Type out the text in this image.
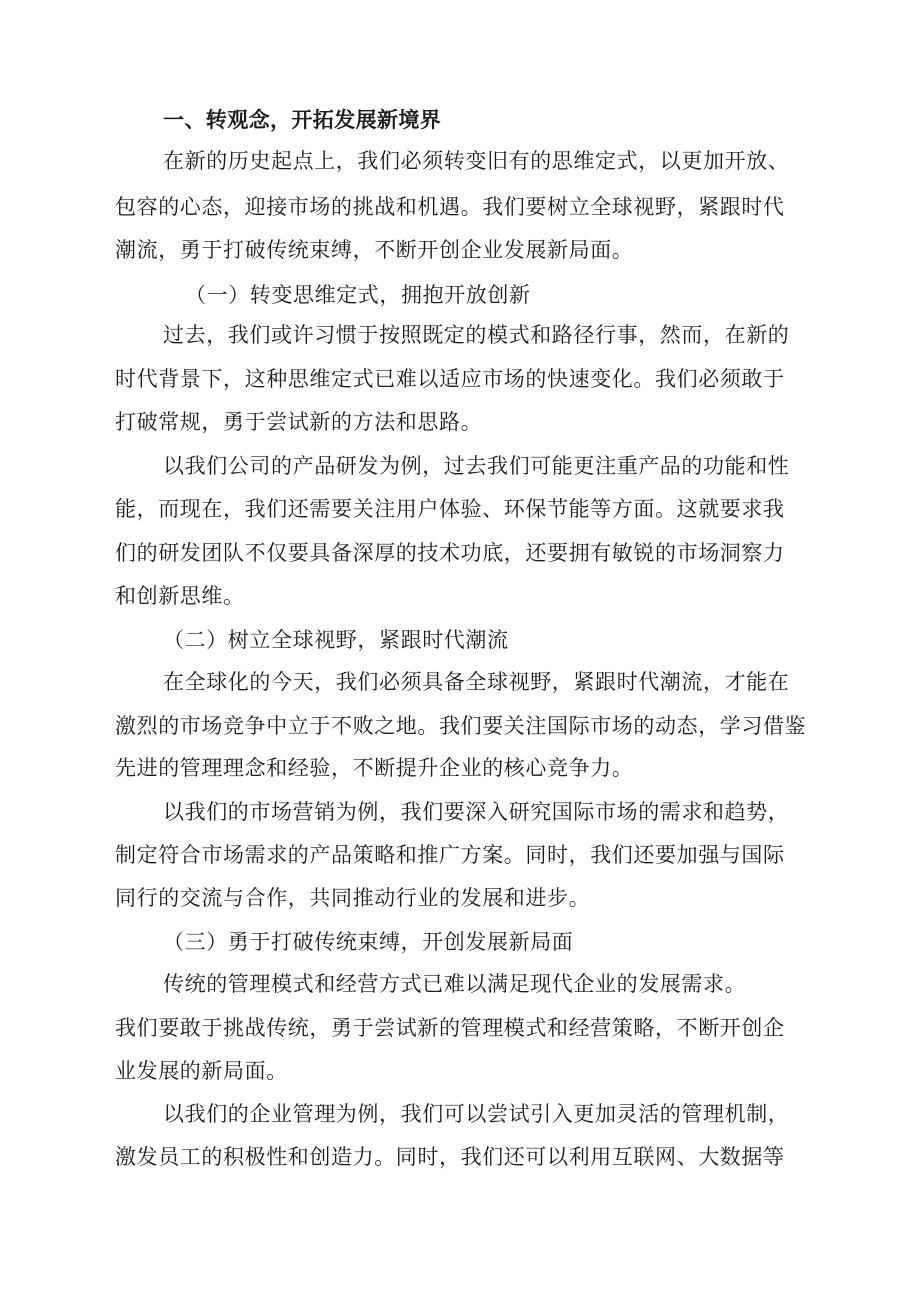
一、转观念，开拓发展新境界
在新的历史起点上，我们必须转变旧有的思维定式，以更加开放、
包容的心态，迎接市场的挑战和机遇。我们要树立全球视野，紧跟时代
潮流，勇于打破传统束缚，不断开创企业发展新局面。
（一）转变思维定式，拥抱开放创新
过去，我们或许习惯于按照既定的模式和路径行事，然而，在新的
时代背景下，这种思维定式已难以适应市场的快速变化。我们必须敢于
打破常规，勇于尝试新的方法和思路。
以我们公司的产品研发为例，过去我们可能更注重产品的功能和性
能，而现在，我们还需要关注用户体验、环保节能等方面。这就要求我
们的研发团队不仅要具备深厚的技术功底，还要拥有敏锐的市场洞察力
和创新思维。
（二）树立全球视野，紧跟时代潮流
在全球化的今天，我们必须具备全球视野，紧跟时代潮流，才能在
激烈的市场竞争中立于不败之地。我们要关注国际市场的动态，学习借鉴
先进的管理理念和经验，不断提升企业的核心竞争力。
以我们的市场营销为例，我们要深入研究国际市场的需求和趋势，
制定符合市场需求的产品策略和推广方案。同时，我们还要加强与国际
同行的交流与合作，共同推动行业的发展和进步。
（三）勇于打破传统束缚，开创发展新局面
传统的管理模式和经营方式已难以满足现代企业的发展需求。
我们要敢于挑战传统，勇于尝试新的管理模式和经营策略，不断开创企
业发展的新局面。
以我们的企业管理为例，我们可以尝试引入更加灵活的管理机制，
激发员工的积极性和创造力。同时，我们还可以利用互联网、大数据等
